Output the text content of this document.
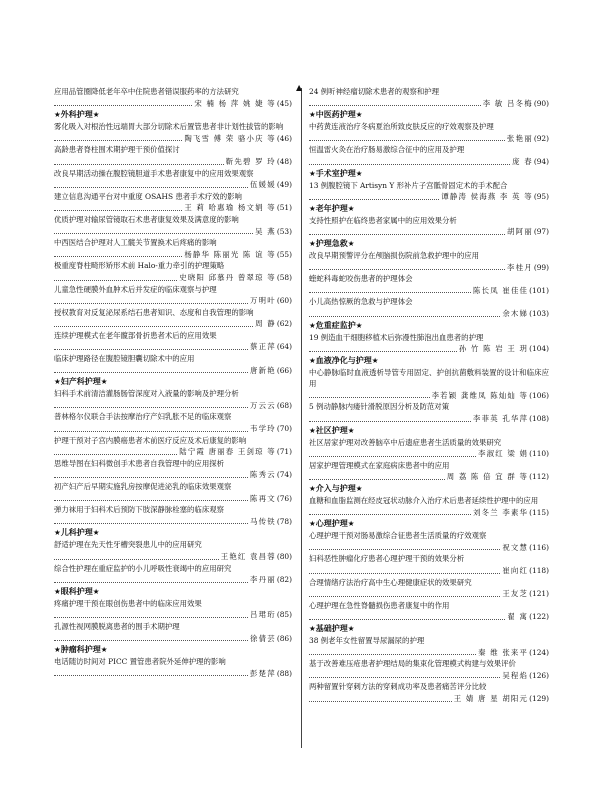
▲
应用品管圈降低老年卒中住院患者错误服药率的方法研究
宋 楠 杨 萍 姚 婕 等 (45)

★外科护理★

雾化吸入对根治性远端胃大部分切除术后置管患者非计划性拔管的影响
陶飞雪 傅 荣 骆小庆 等 (46)
高龄患者脊柱围术期护理干预价值探讨
靳先碧 罗 玲 (48)
改良早期活动操在腹腔镜胆道手术患者康复中的应用效果观察
伍媛媛 (49)
建立信息沟通平台对中重度 OSAHS 患者手术疗效的影响
王 莉 哈惠瑜 杨文娟 等 (51)
优质护理对输尿管镜取石术患者康复效果及满意度的影响
吴 燕 (53)
中西医结合护理对人工髋关节置换术后疼痛的影响
杨静华 陈丽光 陈 谊 等 (55)
极重度脊柱畸形矫形术前 Halo-重力牵引的护理策略
史晓阳 邱慕丹 曾翠琼 等 (58)
儿童急性硬膜外血肿术后并发症的临床观察与护理
万明叶 (60)
授权教育对反复泌尿系结石患者知识、态度和自我管理的影响
周 静 (62)
连续护理模式在老年髋部骨折患者术后的应用效果
蔡正萍 (64)
临床护理路径在腹腔镜胆囊切除术中的应用
唐新艳 (66)

★妇产科护理★

妇科手术前清洁灌肠肠管深度对入液量的影响及护理分析
万云云 (68)
普林格尔仪联合手法按摩治疗产妇乳胀不足的临床观察
韦学玲 (70)
护理干预对子宫内膜癌患者术前医疗反应及术后康复的影响
陆宁霞 唐丽春 王剑琼 等 (71)
思维导图在妇科微创手术患者自我管理中的应用探析
陈秀云 (74)
初产妇产后早期实施乳房按摩促进泌乳的临床效果观察
陈再文 (76)
弹力袜用于妇科术后预防下肢深静脉栓塞的临床观察
马传铁 (78)

★儿科护理★

舒适护理在先天性牙槽突裂患儿中的应用研究
王艳红 袁昌蓉 (80)
综合性护理在重症监护的小儿呼吸性衰竭中的应用研究
李丹丽 (82)

★眼科护理★

疼痛护理干预在眼创伤患者中的临床应用效果
吕珺珩 (85)
孔源性视网膜脱离患者的围手术期护理
徐倩芸 (86)

★肿瘤科护理★

电话随访时间对 PICC 置管患者院外延伸护理的影响
彭楚萍 (88)
24 例听神经瘤切除术患者的观察和护理
李 敏 吕冬梅 (90)

★中医药护理★

中药黄连液治疗冬病夏治所致皮肤反应的疗效观察及护理
张艳丽 (92)
恒温雷火灸在治疗肠易激综合征中的应用及护理
庞 春 (94)

★手术室护理★

13 例腹腔镜下 Artisyn Y 形补片子宫骶骨固定术的手术配合
谭静涛 侯海燕 李 英 等 (95)

★老年护理★

支持性照护在临终患者家属中的应用效果分析
胡阿丽 (97)

★护理急救★

改良早期预警评分在颅脑损伤院前急救护理中的应用
李桂月 (99)
蝰蛇科毒蛇咬伤患者的护理体会
陈长凤 崔佳佳 (101)
小儿高热惊厥的急救与护理体会
余木娣 (103)

★危重症监护★

19 例造血干细胞移植术后弥漫性肺泡出血患者的护理
孙 竹 陈 岩 王 玥 (104)

★血液净化与护理★

中心静脉临时血液透析导管专用固定、护创抗菌敷料装置的设计和临床应用
李若颖 龚维凤 陈灿灿 等 (106)
5 例动静脉内瘘针滑脱原因分析及防范对策
李菲英 孔华萍 (108)

★社区护理★

社区居家护理对改善脑卒中后遗症患者生活质量的效果研究
李淑红 梁 娟 (110)
居家护理管理模式在家庭病床患者中的应用
周 荔 陈 倍 宜 群 等 (112)

★介入与护理★

血糖和血脂监测在经皮冠状动脉介入治疗术后患者延续性护理中的应用
刘冬兰 李素华 (115)

★心理护理★

心理护理干预对肠易激综合征患者生活质量的疗效观察
祝文慧 (116)
妇科恶性肿瘤化疗患者心理护理干预的效果分析
崔向红 (118)
合理情绪疗法治疗高中生心理健康症状的效果研究
王友芝 (121)
心理护理在急性脊髓损伤患者康复中的作用
翟 寓 (122)

★基础护理★

38 例老年女性留置导尿漏尿的护理
秦 维 张来平 (124)
基于改善难压疮患者护理结局的集束化管理模式构建与效果评价
吴程焰 (126)
两种留置针穿刺方法的穿刺成功率及患者痛苦评分比较
王 婧 唐 星 胡阳元 (129)
